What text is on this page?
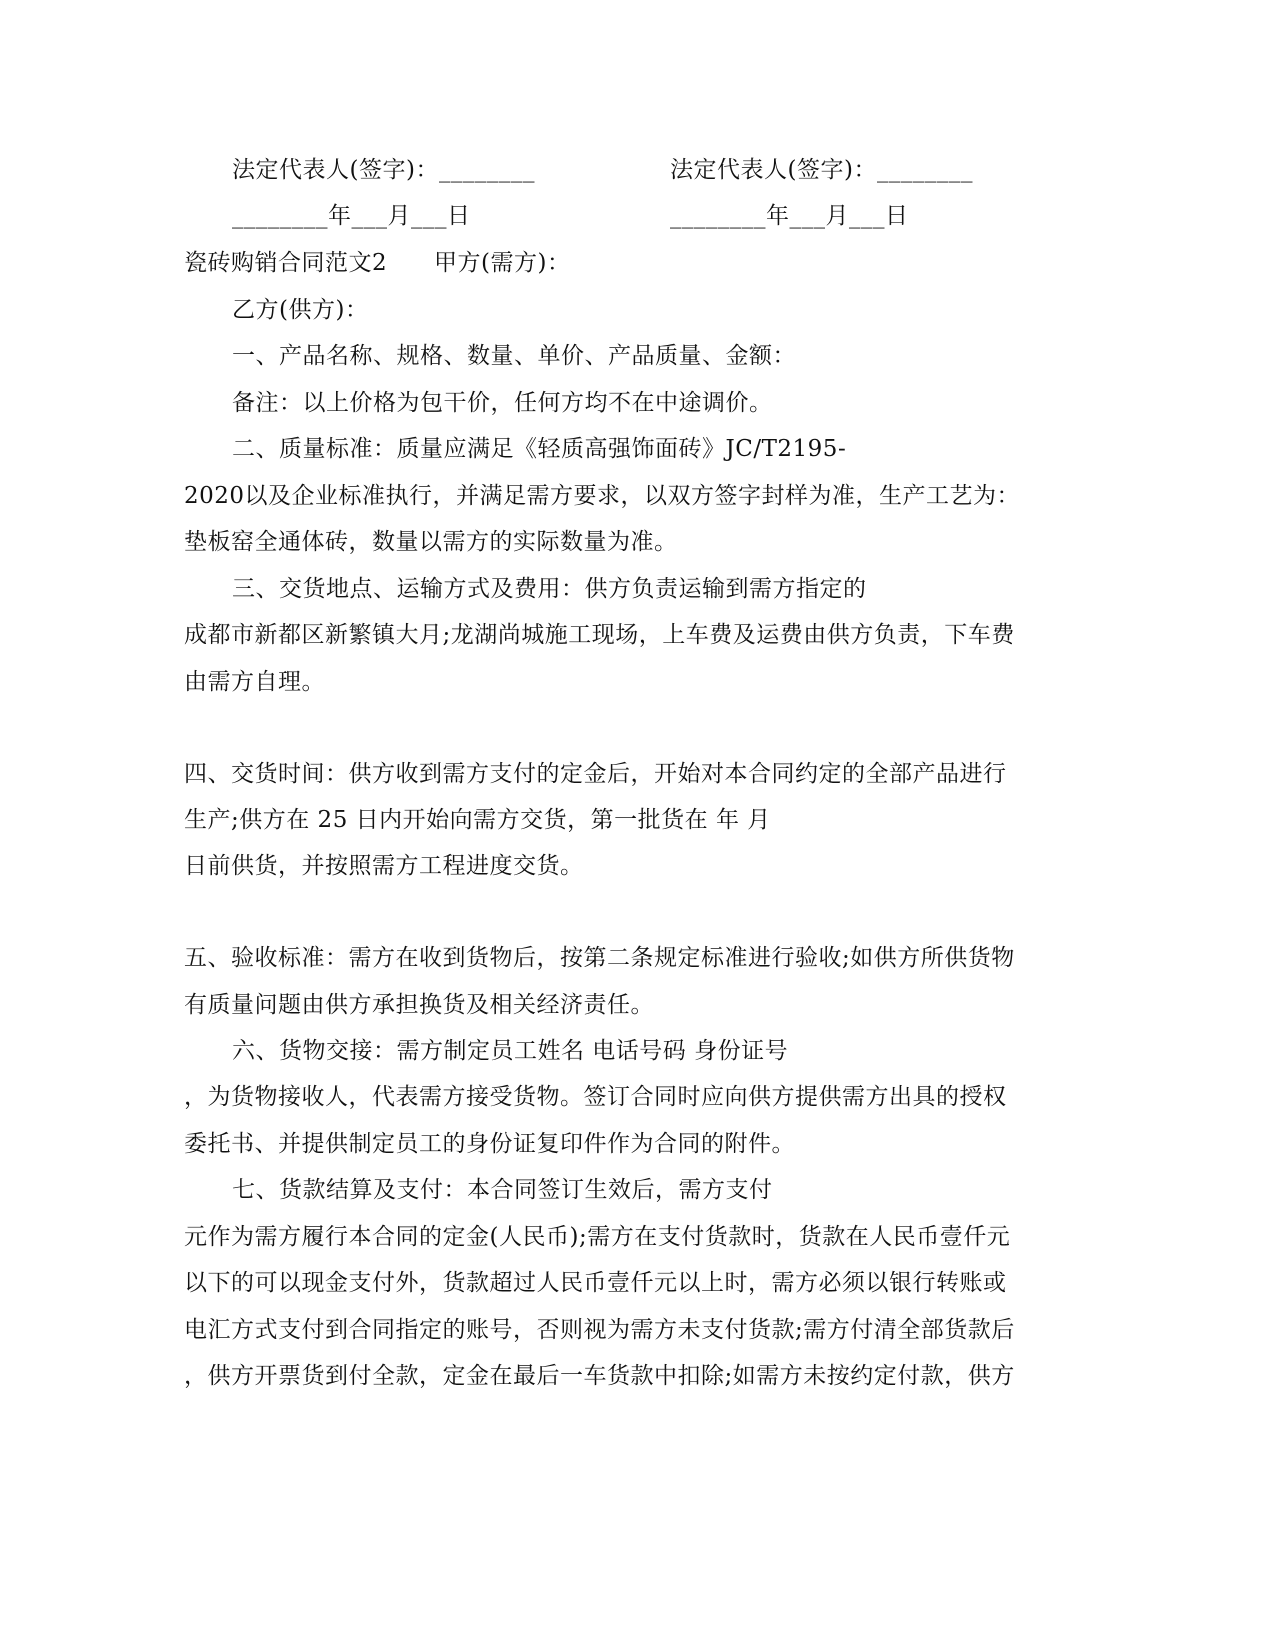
法定代表人(签字)：________	法定代表人(签字)：________
________年___月___日	________年___月___日
瓷砖购销合同范文2 甲方(需方)：
乙方(供方)：
一、产品名称、规格、数量、单价、产品质量、金额：
备注：以上价格为包干价，任何方均不在中途调价。
二、质量标准：质量应满足《轻质高强饰面砖》JC/T2195-
2020以及企业标准执行，并满足需方要求，以双方签字封样为准，生产工艺为：
垫板窑全通体砖，数量以需方的实际数量为准。
三、交货地点、运输方式及费用：供方负责运输到需方指定的
成都市新都区新繁镇大月;龙湖尚城施工现场，上车费及运费由供方负责，下车费
由需方自理。
四、交货时间：供方收到需方支付的定金后，开始对本合同约定的全部产品进行
生产;供方在 25 日内开始向需方交货，第一批货在 年 月
日前供货，并按照需方工程进度交货。
五、验收标准：需方在收到货物后，按第二条规定标准进行验收;如供方所供货物
有质量问题由供方承担换货及相关经济责任。
六、货物交接：需方制定员工姓名 电话号码 身份证号
，为货物接收人，代表需方接受货物。签订合同时应向供方提供需方出具的授权
委托书、并提供制定员工的身份证复印件作为合同的附件。
七、货款结算及支付：本合同签订生效后，需方支付
元作为需方履行本合同的定金(人民币);需方在支付货款时，货款在人民币壹仟元
以下的可以现金支付外，货款超过人民币壹仟元以上时，需方必须以银行转账或
电汇方式支付到合同指定的账号，否则视为需方未支付货款;需方付清全部货款后
，供方开票货到付全款，定金在最后一车货款中扣除;如需方未按约定付款，供方
